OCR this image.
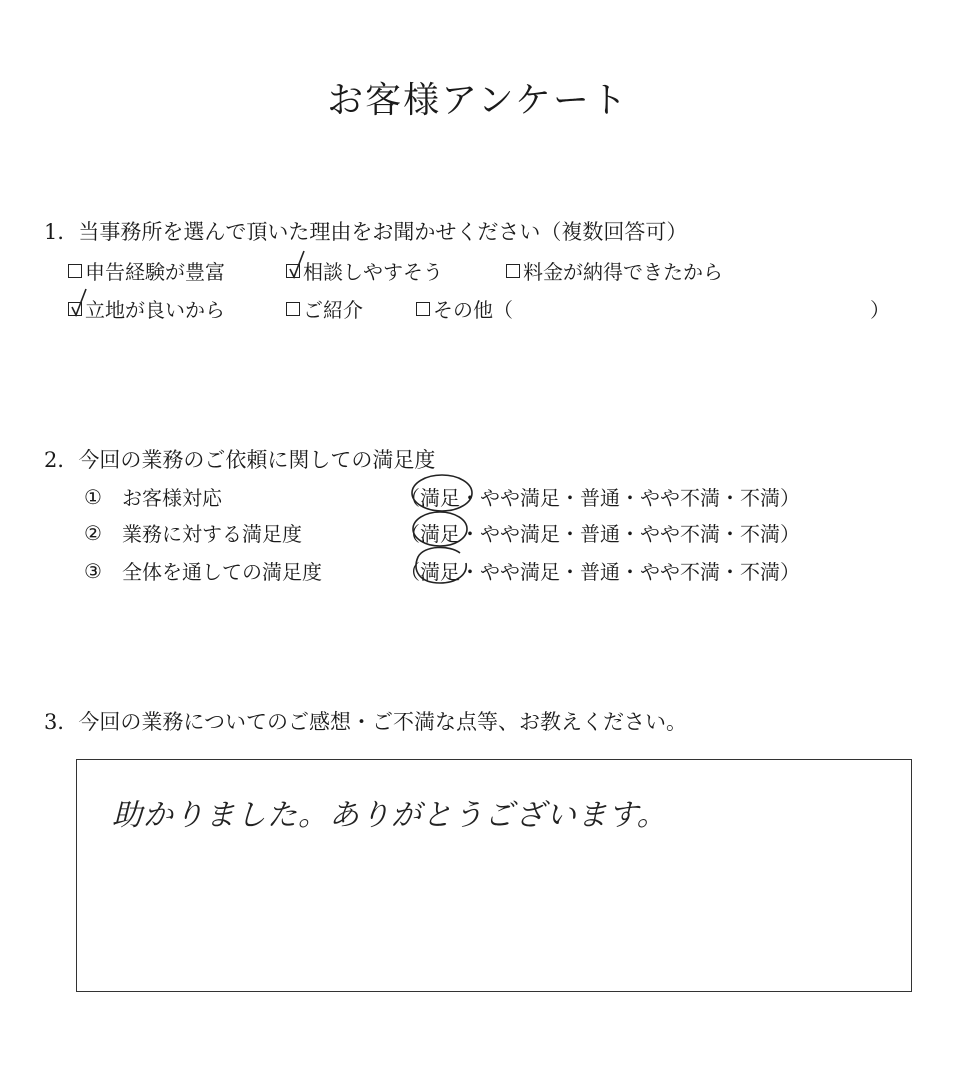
お客様アンケート
1．当事務所を選んで頂いた理由をお聞かせください（複数回答可）
申告経験が豊富	相談しやすそう	料金が納得できたから
立地が良いから	ご紹介	その他（	）
2．今回の業務のご依頼に関しての満足度
①	お客様対応	（ 満足 ・ やや満足 ・ 普通 ・ やや不満 ・ 不満 ）
②	業務に対する満足度	（ 満足 ・ やや満足 ・ 普通 ・ やや不満 ・ 不満 ）
③	全体を通しての満足度	（ 満足 ・ やや満足 ・ 普通 ・ やや不満 ・ 不満 ）
3．今回の業務についてのご感想・ご不満な点等、お教えください。
助かりました。ありがとうございます。
